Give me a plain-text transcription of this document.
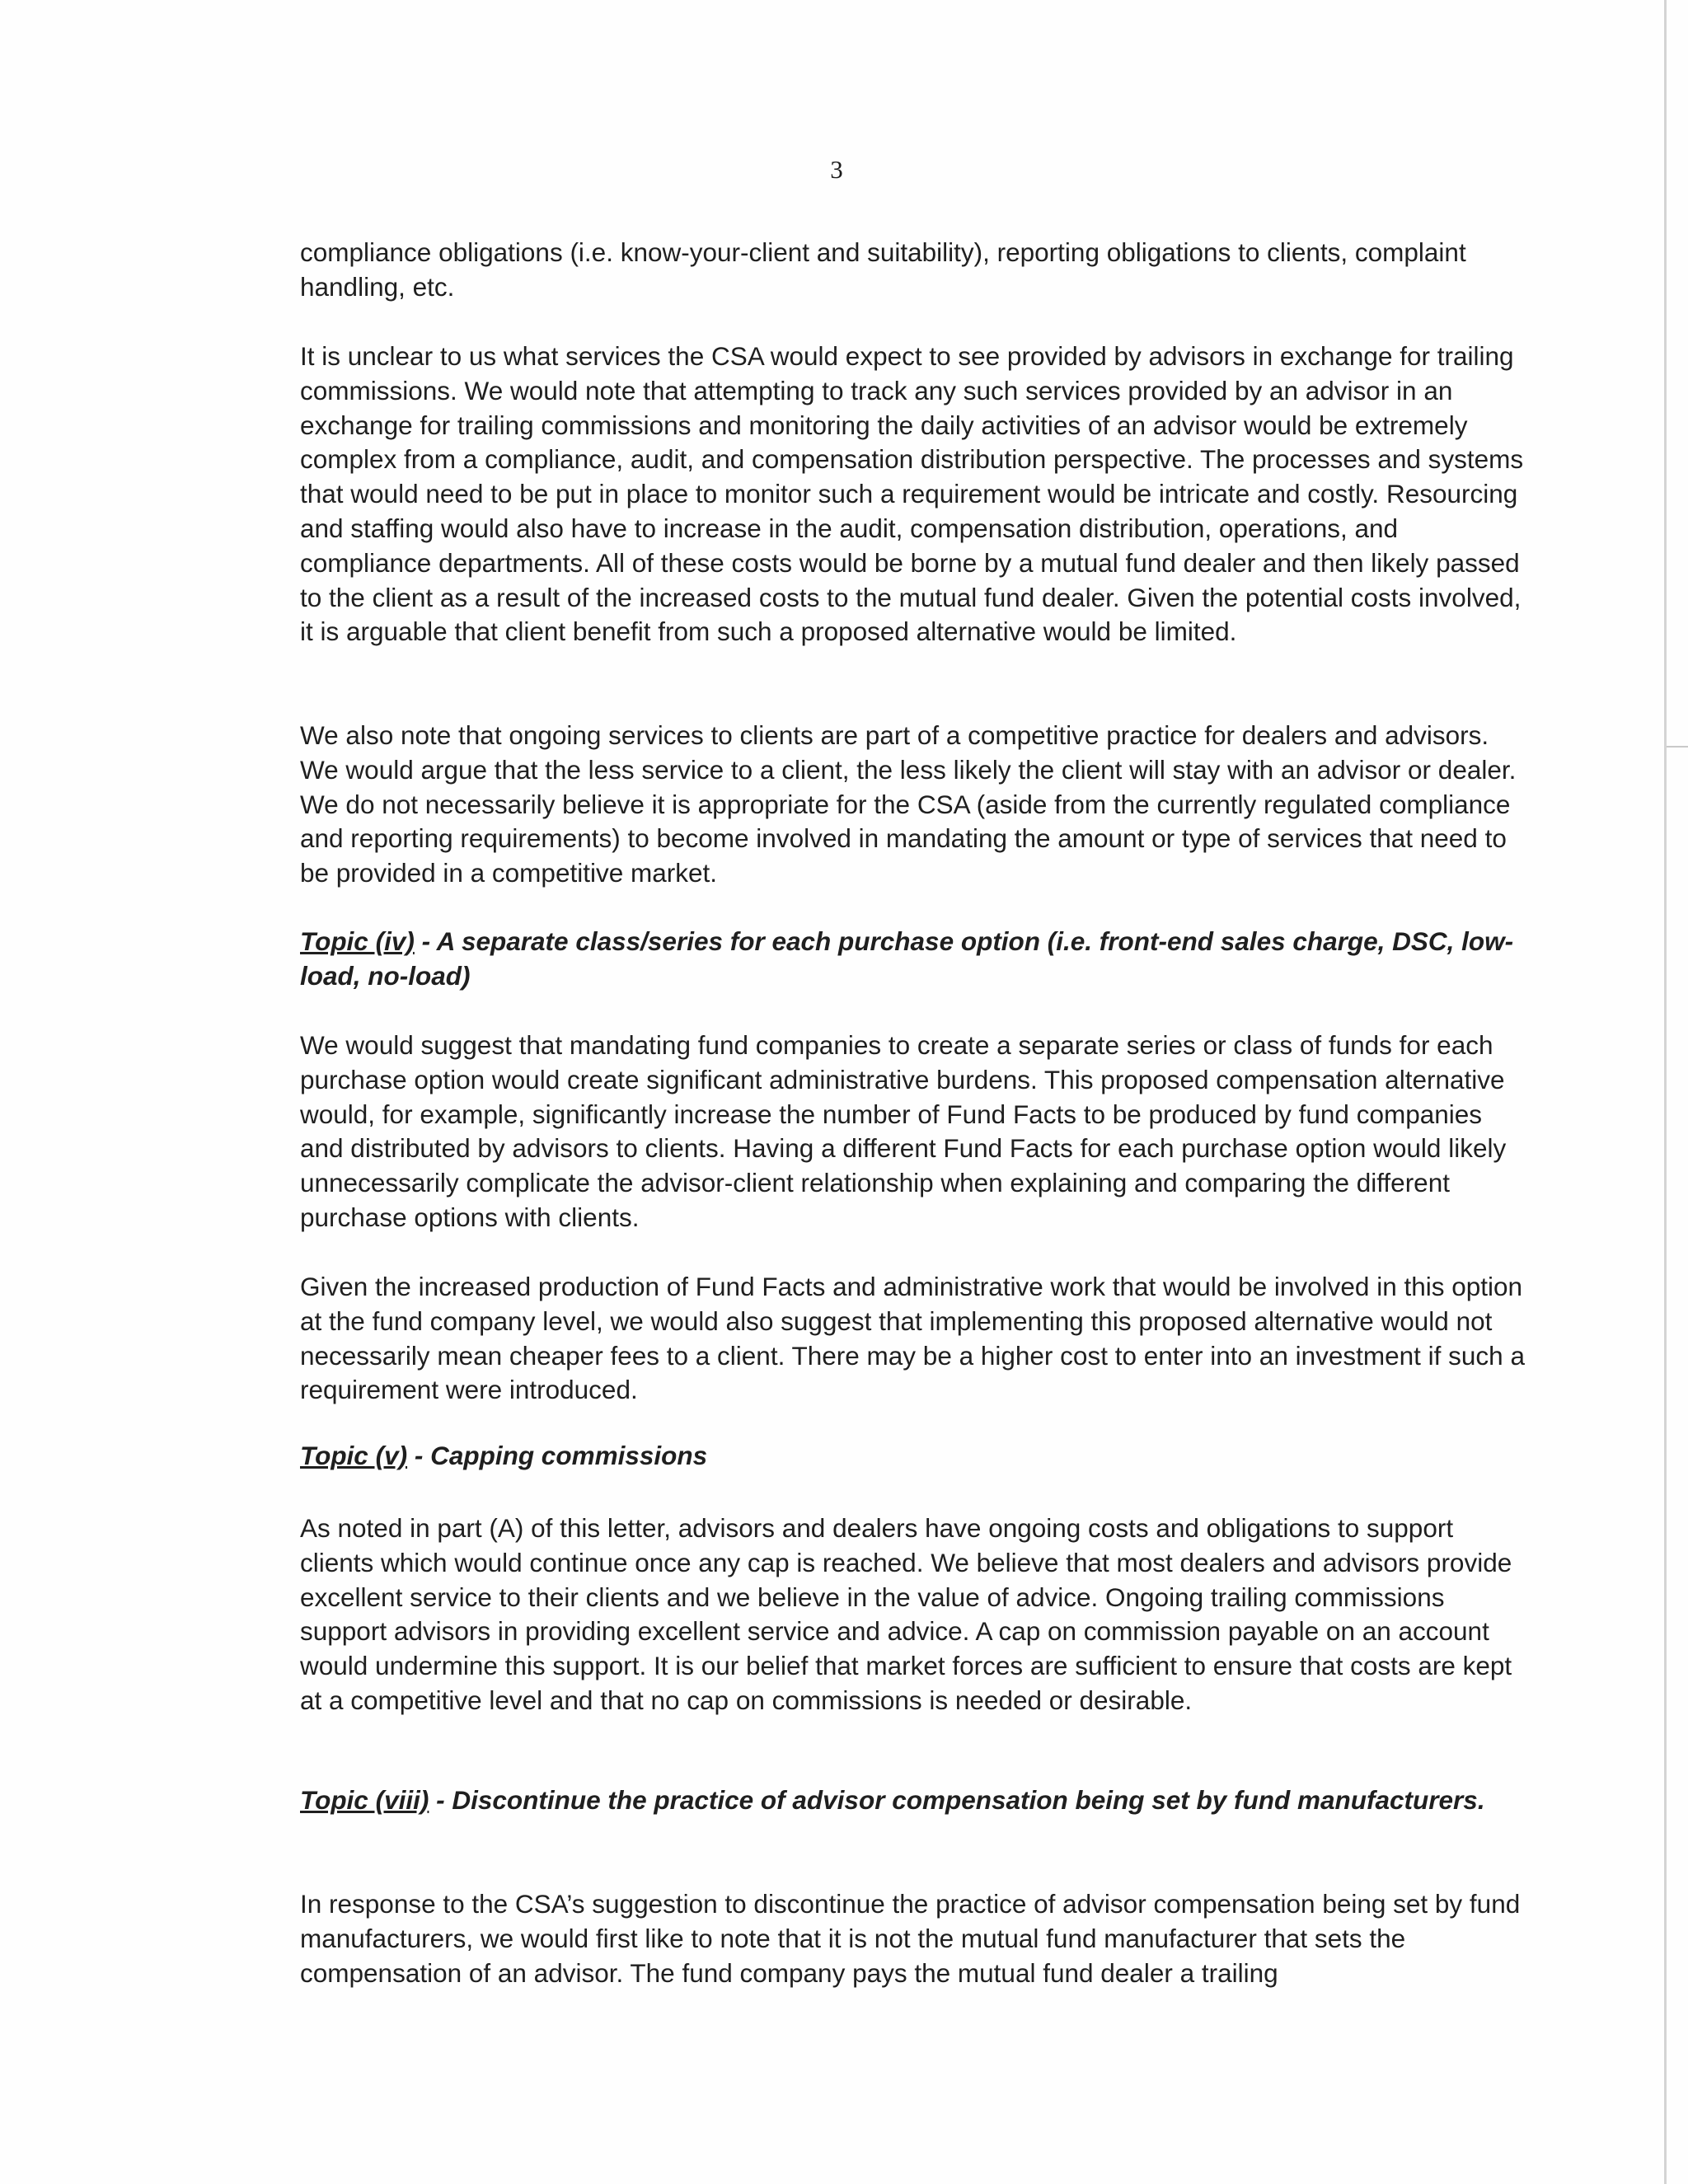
3

compliance obligations (i.e. know-your-client and suitability), reporting obligations to clients, complaint handling, etc.

It is unclear to us what services the CSA would expect to see provided by advisors in exchange for trailing commissions. We would note that attempting to track any such services provided by an advisor in an exchange for trailing commissions and monitoring the daily activities of an advisor would be extremely complex from a compliance, audit, and compensation distribution perspective. The processes and systems that would need to be put in place to monitor such a requirement would be intricate and costly. Resourcing and staffing would also have to increase in the audit, compensation distribution, operations, and compliance departments. All of these costs would be borne by a mutual fund dealer and then likely passed to the client as a result of the increased costs to the mutual fund dealer. Given the potential costs involved, it is arguable that client benefit from such a proposed alternative would be limited.

We also note that ongoing services to clients are part of a competitive practice for dealers and advisors. We would argue that the less service to a client, the less likely the client will stay with an advisor or dealer. We do not necessarily believe it is appropriate for the CSA (aside from the currently regulated compliance and reporting requirements) to become involved in mandating the amount or type of services that need to be provided in a competitive market.

Topic (iv) - A separate class/series for each purchase option (i.e. front-end sales charge, DSC, low-load, no-load)

We would suggest that mandating fund companies to create a separate series or class of funds for each purchase option would create significant administrative burdens. This proposed compensation alternative would, for example, significantly increase the number of Fund Facts to be produced by fund companies and distributed by advisors to clients. Having a different Fund Facts for each purchase option would likely unnecessarily complicate the advisor-client relationship when explaining and comparing the different purchase options with clients.

Given the increased production of Fund Facts and administrative work that would be involved in this option at the fund company level, we would also suggest that implementing this proposed alternative would not necessarily mean cheaper fees to a client. There may be a higher cost to enter into an investment if such a requirement were introduced.

Topic (v) - Capping commissions

As noted in part (A) of this letter, advisors and dealers have ongoing costs and obligations to support clients which would continue once any cap is reached. We believe that most dealers and advisors provide excellent service to their clients and we believe in the value of advice. Ongoing trailing commissions support advisors in providing excellent service and advice. A cap on commission payable on an account would undermine this support. It is our belief that market forces are sufficient to ensure that costs are kept at a competitive level and that no cap on commissions is needed or desirable.

Topic (viii) - Discontinue the practice of advisor compensation being set by fund manufacturers.

In response to the CSA’s suggestion to discontinue the practice of advisor compensation being set by fund manufacturers, we would first like to note that it is not the mutual fund manufacturer that sets the compensation of an advisor. The fund company pays the mutual fund dealer a trailing
